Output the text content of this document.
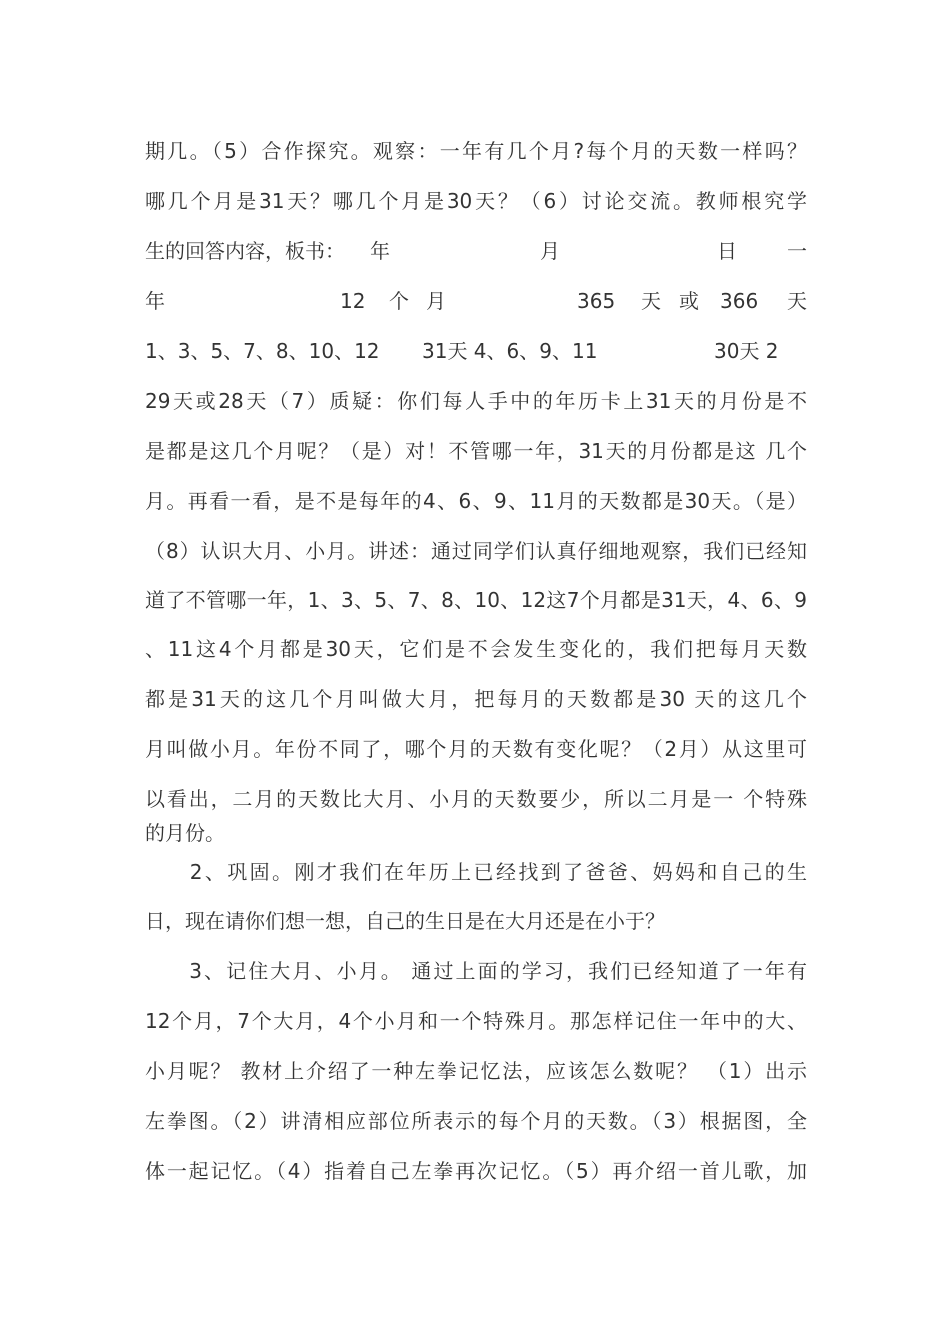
期几。（5）合作探究。观察：一年有几个月?每个月的天数一样吗？
哪几个月是31天？哪几个月是30天？（6）讨论交流。教师根究学
生的回答内容，板书： 年	月	日	一
年	12 个 月	365 天 或 366 天
1、3、5、7、8、10、12 31天 4、6、9、11	30天 2
29天或28天（7）质疑：你们每人手中的年历卡上31天的月份是不
是都是这几个月呢？（是）对！不管哪一年，31天的月份都是这 几个
月。再看一看，是不是每年的4、6、9、11月的天数都是30天。（是）
（8）认识大月、小月。讲述：通过同学们认真仔细地观察，我们已经知
道了不管哪一年，1、3、5、7、8、10、12这7个月都是31天，4、6、9
、11这4个月都是30天，它们是不会发生变化的，我们把每月天数
都是31天的这几个月叫做大月，把每月的天数都是30 天的这几个
月叫做小月。年份不同了，哪个月的天数有变化呢？（2月）从这里可
以看出，二月的天数比大月、小月的天数要少，所以二月是一 个特殊
的月份。
　　2、巩固。刚才我们在年历上已经找到了爸爸、妈妈和自己的生
日，现在请你们想一想，自己的生日是在大月还是在小于？
　　3、记住大月、小月。 通过上面的学习，我们已经知道了一年有
12个月，7个大月，4个小月和一个特殊月。那怎样记住一年中的大、
小月呢？ 教材上介绍了一种左拳记忆法，应该怎么数呢？ （1）出示
左拳图。（2）讲清相应部位所表示的每个月的天数。（3）根据图，全
体一起记忆。（4）指着自己左拳再次记忆。（5）再介绍一首儿歌，加
